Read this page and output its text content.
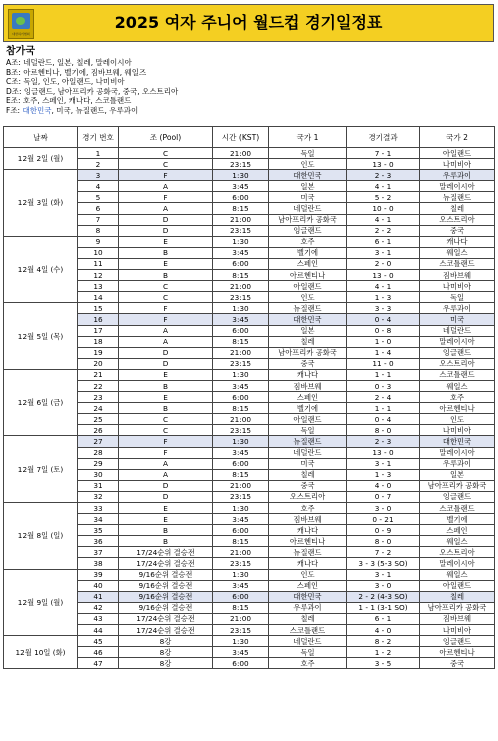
대한하키협회
2025 여자 주니어 월드컵 경기일정표
참가국
A조: 네덜란드, 일본, 칠레, 말레이시아
B조: 아르헨티나, 벨기에, 짐바브웨, 웨일즈
C조: 독일, 인도, 아일랜드, 나미비아
D조: 잉글랜드, 남아프리카 공화국, 중국, 오스트리아
E조: 호주, 스페인, 캐나다, 스코틀랜드
F조: 대한민국, 미국, 뉴질랜드, 우루과이
날짜	경기 번호	조 (Pool)	시간 (KST)	국가 1	경기결과	국가 2
12월 2일 (월)	1	C	21:00	독일	7 - 1	아일랜드
	2	C	23:15	인도	13 - 0	나미비아
12월 3일 (화)	3	F	1:30	대한민국	2 - 3	우루과이
	4	A	3:45	일본	4 - 1	말레이시아
	5	F	6:00	미국	5 - 2	뉴질랜드
	6	A	8:15	네덜란드	10 - 0	칠레
	7	D	21:00	남아프리카 공화국	4 - 1	오스트리아
	8	D	23:15	잉글랜드	2 - 2	중국
12월 4일 (수)	9	E	1:30	호주	6 - 1	캐나다
	10	B	3:45	벨기에	3 - 1	웨일스
	11	E	6:00	스페인	2 - 0	스코틀랜드
	12	B	8:15	아르헨티나	13 - 0	짐바브웨
	13	C	21:00	아일랜드	4 - 1	나미비아
	14	C	23:15	인도	1 - 3	독일
12월 5일 (목)	15	F	1:30	뉴질랜드	3 - 3	우루과이
	16	F	3:45	대한민국	0 - 4	미국
	17	A	6:00	일본	0 - 8	네덜란드
	18	A	8:15	칠레	1 - 0	말레이시아
	19	D	21:00	남아프리카 공화국	1 - 4	잉글랜드
	20	D	23:15	중국	11 - 0	오스트리아
12월 6일 (금)	21	E	1:30	캐나다	1 - 1	스코틀랜드
	22	B	3:45	짐바브웨	0 - 3	웨일스
	23	E	6:00	스페인	2 - 4	호주
	24	B	8:15	벨기에	1 - 1	아르헨티나
	25	C	21:00	아일랜드	0 - 4	인도
	26	C	23:15	독일	8 - 0	나미비아
12월 7일 (토)	27	F	1:30	뉴질랜드	2 - 3	대한민국
	28	F	3:45	네덜란드	13 - 0	말레이시아
	29	A	6:00	미국	3 - 1	우루과이
	30	A	8:15	칠레	1 - 3	일본
	31	D	21:00	중국	4 - 0	남아프리카 공화국
	32	D	23:15	오스트리아	0 - 7	잉글랜드
12월 8일 (일)	33	E	1:30	호주	3 - 0	스코틀랜드
	34	E	3:45	짐바브웨	0 - 21	벨기에
	35	B	6:00	캐나다	0 - 9	스페인
	36	B	8:15	아르헨티나	8 - 0	웨일스
	37	17/24순위 결승전	21:00	뉴질랜드	7 - 2	오스트리아
	38	17/24순위 결승전	23:15	캐나다	3 - 3 (5-3 SO)	말레이시아
12월 9일 (월)	39	9/16순위 결승전	1:30	인도	3 - 1	웨일스
	40	9/16순위 결승전	3:45	스페인	3 - 0	아일랜드
	41	9/16순위 결승전	6:00	대한민국	2 - 2 (4-3 SO)	칠레
	42	9/16순위 결승전	8:15	우루과이	1 - 1 (3-1 SO)	남아프리카 공화국
	43	17/24순위 결승전	21:00	칠레	6 - 1	짐바브웨
	44	17/24순위 결승전	23:15	스코틀랜드	4 - 0	나미비아
12월 10일 (화)	45	8강	1:30	네덜란드	8 - 2	잉글랜드
	46	8강	3:45	독일	1 - 2	아르헨티나
	47	8강	6:00	호주	3 - 5	중국
